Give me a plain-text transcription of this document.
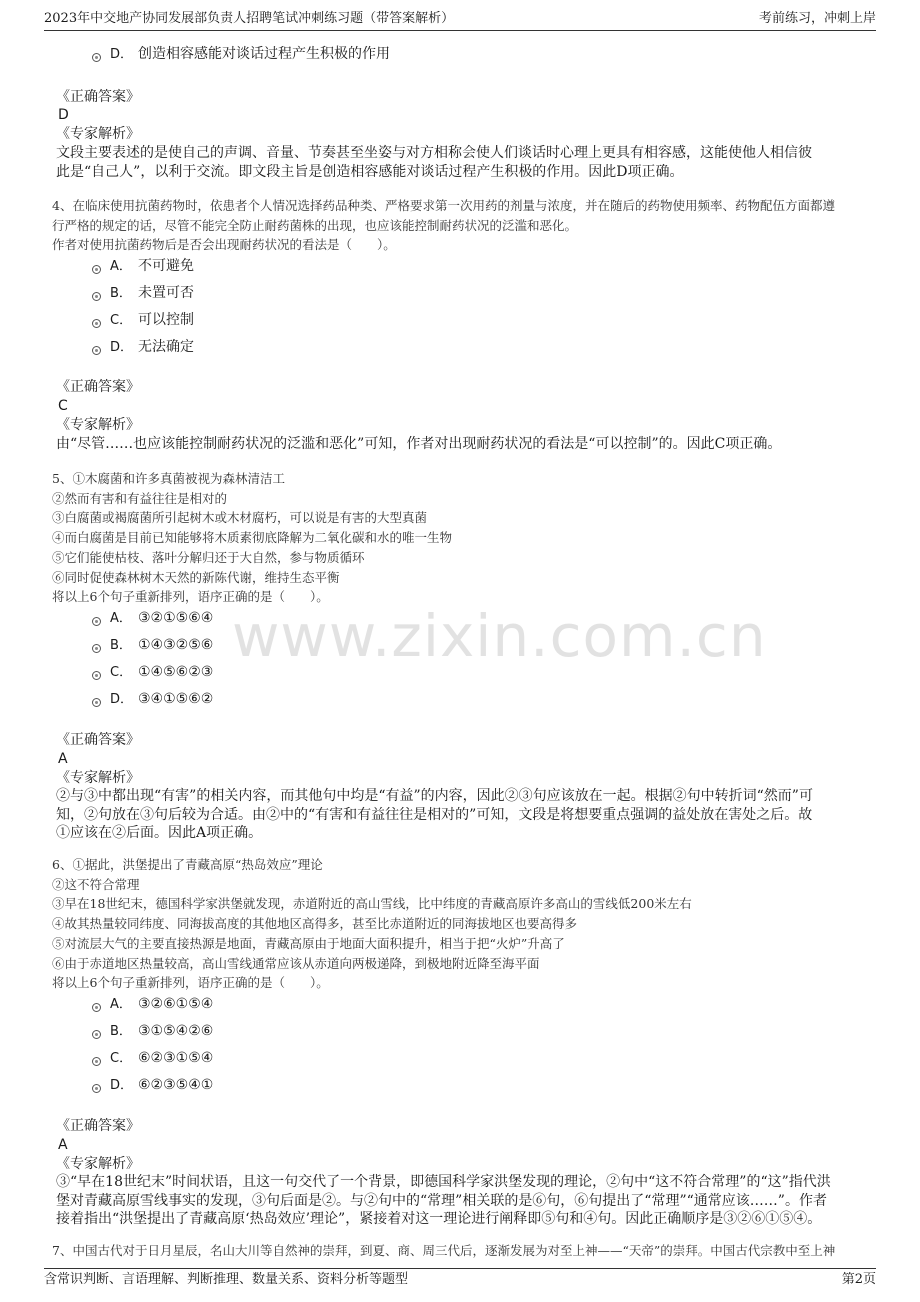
2023年中交地产协同发展部负责人招聘笔试冲刺练习题（带答案解析）	考前练习，冲刺上岸
www.zixin.com.cn
D． 创造相容感能对谈话过程产生积极的作用
《正确答案》
D
《专家解析》
文段主要表述的是使自己的声调、音量、节奏甚至坐姿与对方相称会使人们谈话时心理上更具有相容感，这能使他人相信彼
此是“自己人”，以利于交流。即文段主旨是创造相容感能对谈话过程产生积极的作用。因此D项正确。
4、在临床使用抗菌药物时，依患者个人情况选择药品种类、严格要求第一次用药的剂量与浓度，并在随后的药物使用频率、药物配伍方面都遵
行严格的规定的话，尽管不能完全防止耐药菌株的出现，也应该能控制耐药状况的泛滥和恶化。
作者对使用抗菌药物后是否会出现耐药状况的看法是（　　）。
A． 不可避免
B． 未置可否
C． 可以控制
D． 无法确定
《正确答案》
C
《专家解析》
由“尽管……也应该能控制耐药状况的泛滥和恶化”可知，作者对出现耐药状况的看法是“可以控制”的。因此C项正确。
5、①木腐菌和许多真菌被视为森林清洁工
②然而有害和有益往往是相对的
③白腐菌或褐腐菌所引起树木或木材腐朽，可以说是有害的大型真菌
④而白腐菌是目前已知能够将木质素彻底降解为二氧化碳和水的唯一生物
⑤它们能使枯枝、落叶分解归还于大自然，参与物质循环
⑥同时促使森林树木天然的新陈代谢，维持生态平衡
将以上6个句子重新排列，语序正确的是（　　）。
A． ③②①⑤⑥④
B． ①④③②⑤⑥
C． ①④⑤⑥②③
D． ③④①⑤⑥②
《正确答案》
A
《专家解析》
②与③中都出现“有害”的相关内容，而其他句中均是“有益”的内容，因此②③句应该放在一起。根据②句中转折词“然而”可
知，②句放在③句后较为合适。由②中的“有害和有益往往是相对的”可知，文段是将想要重点强调的益处放在害处之后。故
①应该在②后面。因此A项正确。
6、①据此，洪堡提出了青藏高原“热岛效应”理论
②这不符合常理
③早在18世纪末，德国科学家洪堡就发现，赤道附近的高山雪线，比中纬度的青藏高原许多高山的雪线低200米左右
④故其热量较同纬度、同海拔高度的其他地区高得多，甚至比赤道附近的同海拔地区也要高得多
⑤对流层大气的主要直接热源是地面，青藏高原由于地面大面积提升，相当于把“火炉”升高了
⑥由于赤道地区热量较高，高山雪线通常应该从赤道向两极递降，到极地附近降至海平面
将以上6个句子重新排列，语序正确的是（　　）。
A． ③②⑥①⑤④
B． ③①⑤④②⑥
C． ⑥②③①⑤④
D． ⑥②③⑤④①
《正确答案》
A
《专家解析》
③“早在18世纪末”时间状语，且这一句交代了一个背景，即德国科学家洪堡发现的理论，②句中“这不符合常理”的“这”指代洪
堡对青藏高原雪线事实的发现，③句后面是②。与②句中的“常理”相关联的是⑥句，⑥句提出了“常理”“通常应该……”。作者
接着指出“洪堡提出了青藏高原‘热岛效应’理论”，紧接着对这一理论进行阐释即⑤句和④句。因此正确顺序是③②⑥①⑤④。
7、中国古代对于日月星辰，名山大川等自然神的崇拜，到夏、商、周三代后，逐渐发展为对至上神——“天帝”的崇拜。中国古代宗教中至上神
含常识判断、言语理解、判断推理、数量关系、资料分析等题型	第2页
